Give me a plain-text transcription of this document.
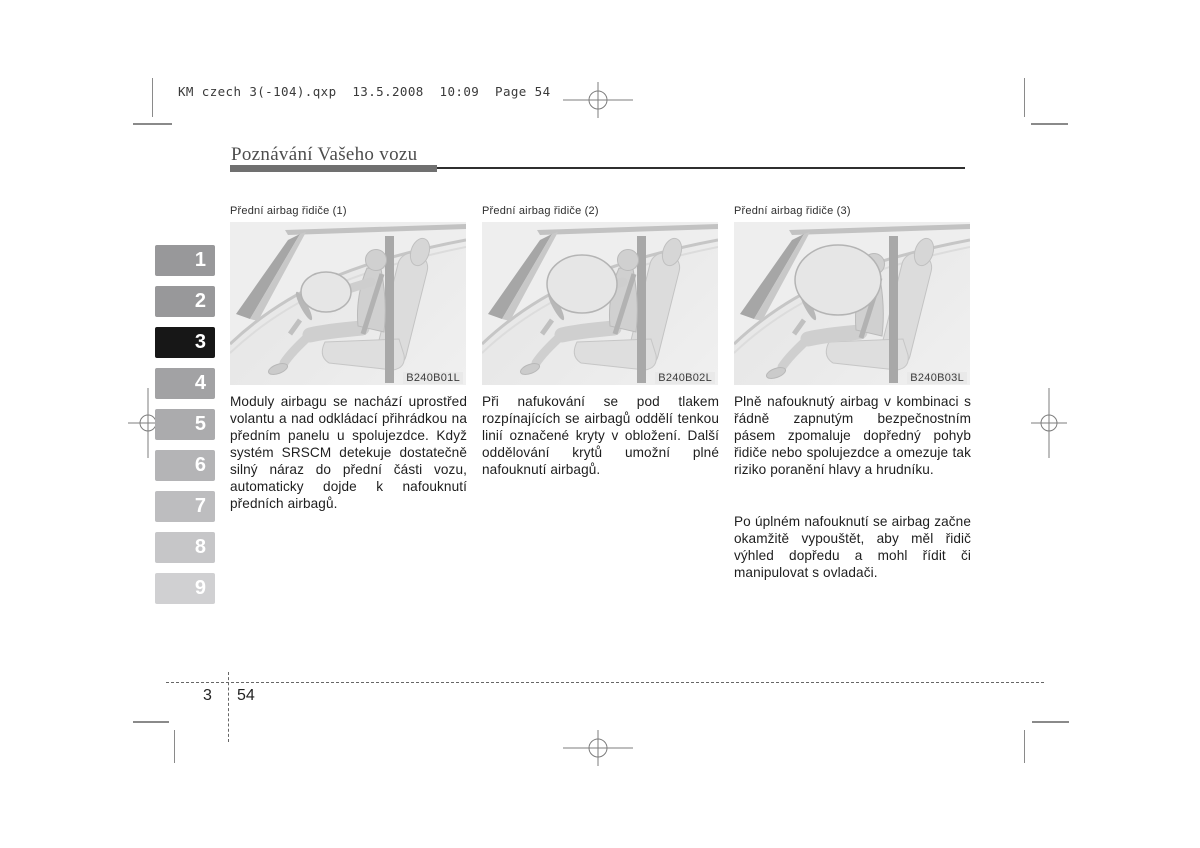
KM czech 3(-104).qxp  13.5.2008  10:09  Page 54
Poznávání Vašeho vozu
1
2
3
4
5
6
7
8
9

Moduly airbagu se nachází uprostřed volantu a nad odkládací přihrádkou na předním panelu u spolujezdce. Když systém SRSCM detekuje dostatečně silný náraz do přední části vozu, automaticky dojde k nafouknutí předních airbagů.

Při nafukování se pod tlakem rozpínajících se airbagů oddělí tenkou linií označené kryty v obložení. Další oddělování krytů umožní plné nafouknutí airbagů.

Plně nafouknutý airbag v kombinaci s řádně zapnutým bezpečnostním pásem zpomaluje dopředný pohyb řidiče nebo spolujezdce a omezuje tak riziko poranění hlavy a hrudníku.

Po úplném nafouknutí se airbag začne okamžitě vypouštět, aby měl řidič výhled dopředu a mohl řídit či manipulovat s ovladači.

3 54
Přední airbag řidiče (1)
B240B01L
Přední airbag řidiče (2)
B240B02L
Přední airbag řidiče (3)
B240B03L
